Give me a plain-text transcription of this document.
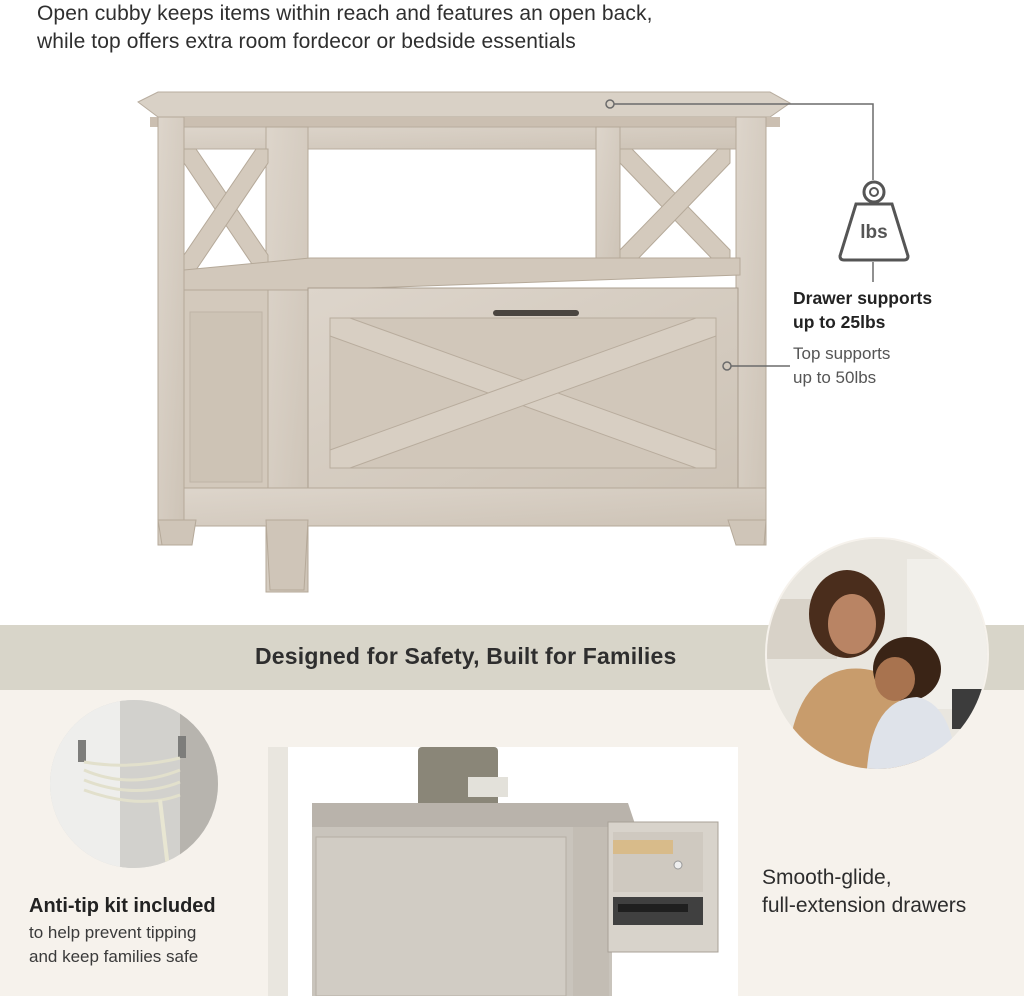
Open cubby keeps items within reach and features an open back,
while top offers extra room fordecor or bedside essentials
lbs
Drawer supports
up to 25lbs
Top supports
up to 50lbs
Designed for Safety, Built for Families
Anti-tip kit included
to help prevent tipping
and keep families safe
Smooth-glide,
full-extension drawers
